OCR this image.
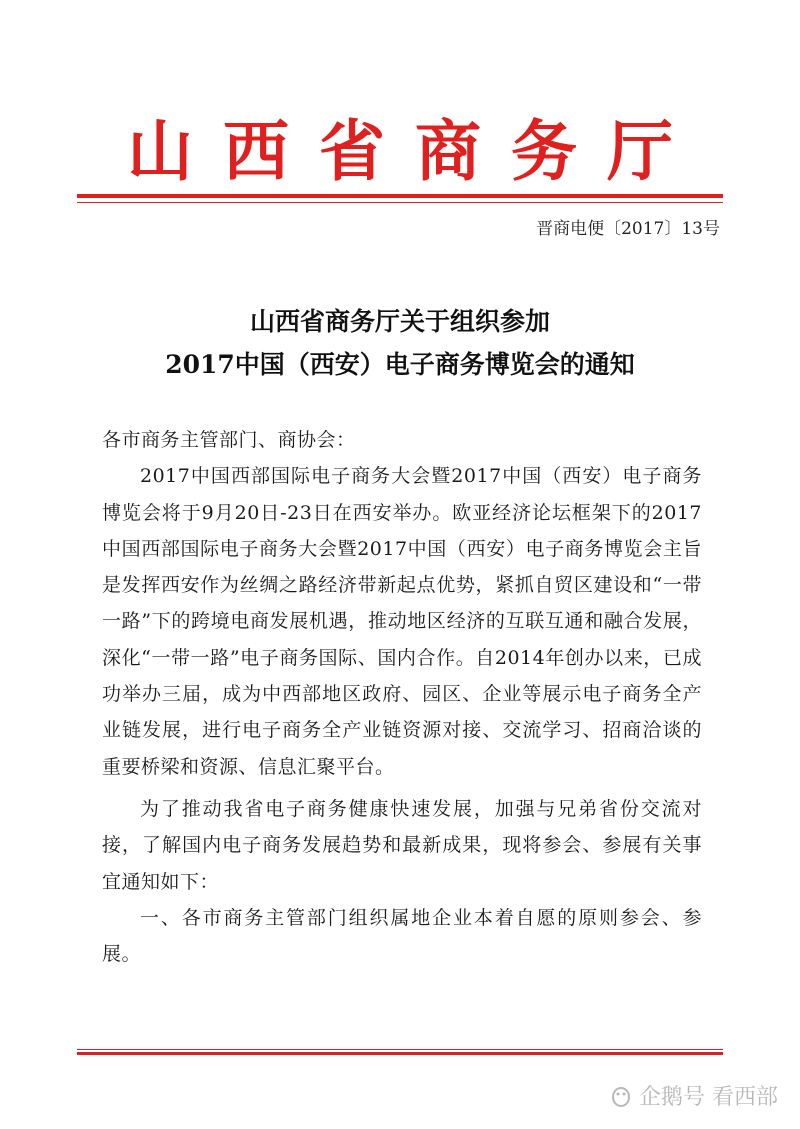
山西省商务厅
晋商电便〔2017〕13号
山西省商务厅关于组织参加
2017中国（西安）电子商务博览会的通知

各市商务主管部门、商协会：

2017中国西部国际电子商务大会暨2017中国（西安）电子商务博览会将于9月20日-23日在西安举办。欧亚经济论坛框架下的2017中国西部国际电子商务大会暨2017中国（西安）电子商务博览会主旨是发挥西安作为丝绸之路经济带新起点优势，紧抓自贸区建设和“一带一路”下的跨境电商发展机遇，推动地区经济的互联互通和融合发展，深化“一带一路”电子商务国际、国内合作。自2014年创办以来，已成功举办三届，成为中西部地区政府、园区、企业等展示电子商务全产业链发展，进行电子商务全产业链资源对接、交流学习、招商洽谈的重要桥梁和资源、信息汇聚平台。

为了推动我省电子商务健康快速发展，加强与兄弟省份交流对接，了解国内电子商务发展趋势和最新成果，现将参会、参展有关事宜通知如下：

一、各市商务主管部门组织属地企业本着自愿的原则参会、参展。

企鹅号 看西部
